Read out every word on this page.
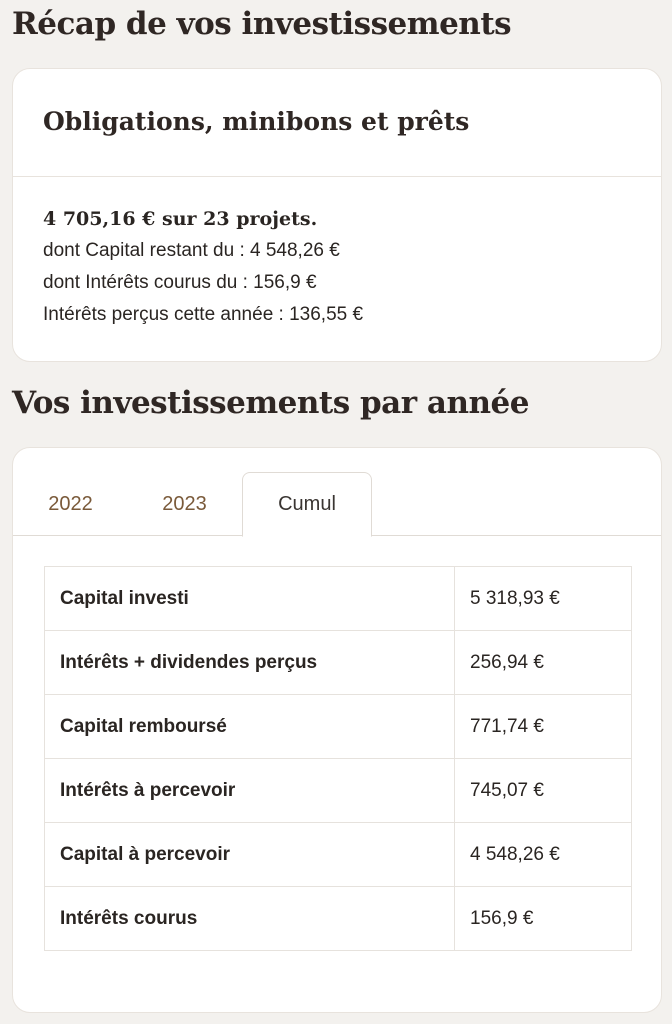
Récap de vos investissements
Obligations, minibons et prêts
4 705,16 € sur 23 projets.
dont Capital restant du : 4 548,26 €
dont Intérêts courus du : 156,9 €
Intérêts perçus cette année : 136,55 €
Vos investissements par année
2022	2023	Cumul
Capital investi	5 318,93 €
Intérêts + dividendes perçus	256,94 €
Capital remboursé	771,74 €
Intérêts à percevoir	745,07 €
Capital à percevoir	4 548,26 €
Intérêts courus	156,9 €
